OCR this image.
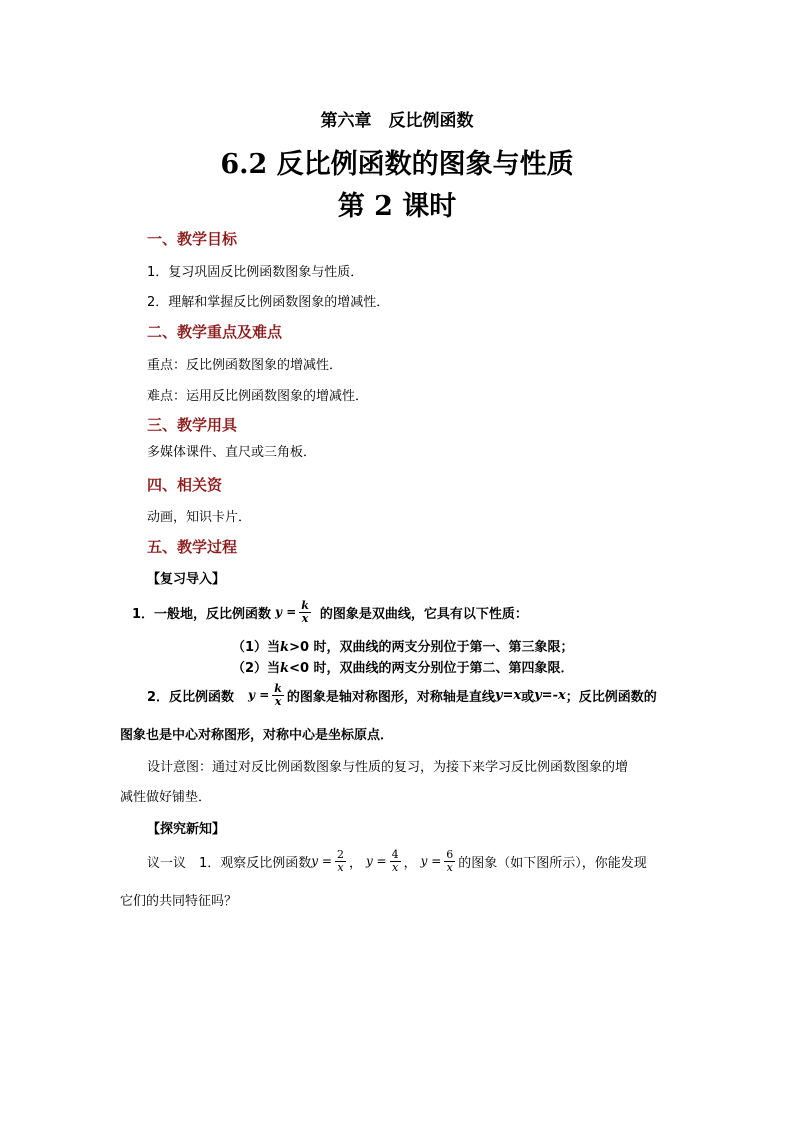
第六章　反比例函数
6.2 反比例函数的图象与性质
第 2 课时
一、教学目标
1．复习巩固反比例函数图象与性质．
2．理解和掌握反比例函数图象的增减性．
二、教学重点及难点
重点：反比例函数图象的增减性．
难点：运用反比例函数图象的增减性．
三、教学用具
多媒体课件、直尺或三角板．
四、相关资
动画，知识卡片．
五、教学过程
【复习导入】
1．一般地，反比例函数 $y = \frac{k}{x}$ 的图象是双曲线，它具有以下性质：
（1）当k>0 时，双曲线的两支分别位于第一、第三象限；
（2）当k<0 时，双曲线的两支分别位于第二、第四象限．
2．反比例函数 $y = \frac{k}{x}$ 的图象是轴对称图形，对称轴是直线 y=x 或 y=-x ；反比例函数的
图象也是中心对称图形，对称中心是坐标原点．
设计意图：通过对反比例函数图象与性质的复习，为接下来学习反比例函数图象的增
减性做好铺垫．
【探究新知】
议一议　1．观察反比例函数 $y = \frac{2}{x}$ ， $y = \frac{4}{x}$ ， $y = \frac{6}{x}$ 的图象（如下图所示），你能发现
它们的共同特征吗？
